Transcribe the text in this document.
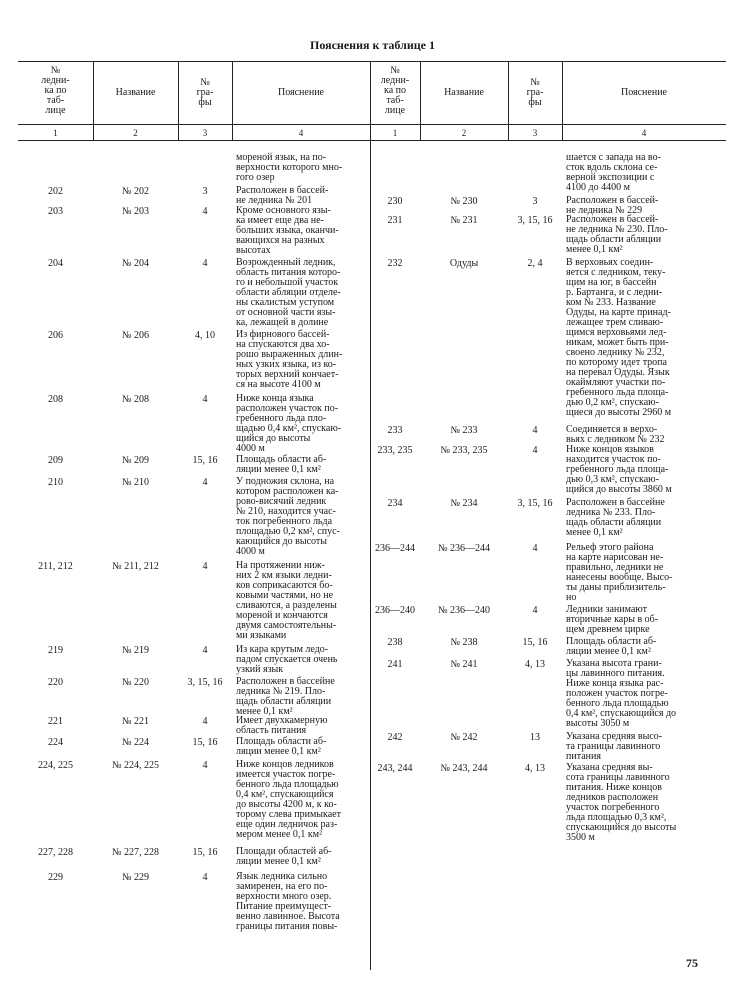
Пояснения к таблице 1
№
ледни-
ка по
таб-
лице
Название
№
гра-
фы
Пояснение
1	2	3	4
№
ледни-
ка по
таб-
лице
Название
№
гра-
фы
Пояснение
1	2	3	4
мореной язык, на по-
верхности которого мно-
гого озер
202	№ 202	3	Расположен в бассей-
не ледника № 201
203	№ 203	4	Кроме основного язы-
ка имеет еще два не-
больших языка, оканчи-
вающихся на разных
высотах
204	№ 204	4	Возрожденный ледник,
область питания которо-
го и небольшой участок
области абляции отделе-
ны скалистым уступом
от основной части язы-
ка, лежащей в долине
206	№ 206	4, 10	Из фирнового бассей-
на спускаются два хо-
рошо выраженных длин-
ных узких языка, из ко-
торых верхний кончает-
ся на высоте 4100 м
208	№ 208	4	Ниже конца языка
расположен участок по-
гребенного льда пло-
щадью 0,4 км², спускаю-
щийся до высоты
4000 м
209	№ 209	15, 16	Площадь области аб-
ляции менее 0,1 км²
210	№ 210	4	У подножия склона, на
котором расположен ка-
рово-висячий ледник
№ 210, находится учас-
ток погребенного льда
площадью 0,2 км², спус-
кающийся до высоты
4000 м
211, 212	№ 211, 212	4	На протяжении ниж-
них 2 км языки ледни-
ков соприкасаются бо-
ковыми частями, но не
сливаются, а разделены
мореной и кончаются
двумя самостоятельны-
ми языками
219	№ 219	4	Из кара крутым ледо-
падом спускается очень
узкий язык
220	№ 220	3, 15, 16	Расположен в бассейне
ледника № 219. Пло-
щадь области абляции
менее 0,1 км²
221	№ 221	4	Имеет двухкамерную
область питания
224	№ 224	15, 16	Площадь области аб-
ляции менее 0,1 км²
224, 225	№ 224, 225	4	Ниже концов ледников
имеется участок погре-
бенного льда площадью
0,4 км², спускающийся
до высоты 4200 м, к ко-
торому слева примыкает
еще один ледничок раз-
мером менее 0,1 км²
227, 228	№ 227, 228	15, 16	Площади областей аб-
ляции менее 0,1 км²
229	№ 229	4	Язык ледника сильно
замиренен, на его по-
верхности много озер.
Питание преимущест-
венно лавинное. Высота
границы питания повы-
шается с запада на во-
сток вдоль склона се-
верной экспозиции с
4100 до 4400 м
230	№ 230	3	Расположен в бассей-
не ледника № 229
231	№ 231	3, 15, 16	Расположен в бассей-
не ледника № 230. Пло-
щадь области абляции
менее 0,1 км²
232	Одуды	2, 4	В верховьях соедин-
яется с ледником, теку-
щим на юг, в бассейн
р. Бартанга, и с ледни-
ком № 233. Название
Одуды, на карте принад-
лежащее трем сливаю-
щимся верховьями лед-
никам, может быть при-
своено леднику № 232,
по которому идет тропа
на перевал Одуды. Язык
окаймляют участки по-
гребенного льда площа-
дью 0,2 км², спускаю-
щиеся до высоты 2960 м
233	№ 233	4	Соединяется в верхо-
вьях с ледником № 232
233, 235	№ 233, 235	4	Ниже концов языков
находится участок по-
гребенного льда площа-
дью 0,3 км², спускаю-
щийся до высоты 3860 м
234	№ 234	3, 15, 16	Расположен в бассейне
ледника № 233. Пло-
щадь области абляции
менее 0,1 км²
236—244	№ 236—244	4	Рельеф этого района
на карте нарисован не-
правильно, ледники не
нанесены вообще. Высо-
ты даны приблизитель-
но
236—240	№ 236—240	4	Ледники занимают
вторичные кары в об-
щем древнем цирке
238	№ 238	15, 16	Площадь области аб-
ляции менее 0,1 км²
241	№ 241	4, 13	Указана высота грани-
цы лавинного питания.
Ниже конца языка рас-
положен участок погре-
бенного льда площадью
0,4 км², спускающийся до
высоты 3050 м
242	№ 242	13	Указана средняя высо-
та границы лавинного
питания
243, 244	№ 243, 244	4, 13	Указана средняя вы-
сота границы лавинного
питания. Ниже концов
ледников расположен
участок погребенного
льда площадью 0,3 км²,
спускающийся до высоты
3500 м
75
